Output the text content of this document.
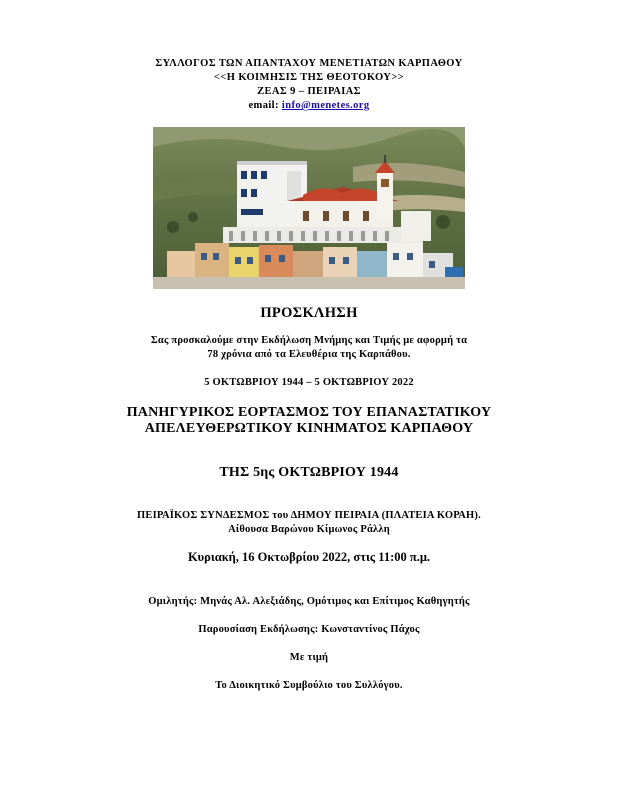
ΣΥΛΛΟΓΟΣ ΤΩΝ ΑΠΑΝΤΑΧΟΥ ΜΕΝΕΤΙΑΤΩΝ ΚΑΡΠΑΘΟΥ
<<Η ΚΟΙΜΗΣΙΣ ΤΗΣ ΘΕΟΤΟΚΟΥ>>
ΖΕΑΣ 9 – ΠΕΙΡΑΙΑΣ
email: info@menetes.org
ΠΡΟΣΚΛΗΣΗ
Σας προσκαλούμε στην Εκδήλωση Μνήμης και Τιμής με αφορμή τα
78 χρόνια από τα Ελευθέρια της Καρπάθου.
5 ΟΚΤΩΒΡΙΟΥ 1944 – 5 ΟΚΤΩΒΡΙΟΥ 2022
ΠΑΝΗΓΥΡΙΚΟΣ ΕΟΡΤΑΣΜΟΣ ΤΟΥ ΕΠΑΝΑΣΤΑΤΙΚΟΥ
ΑΠΕΛΕΥΘΕΡΩΤΙΚΟΥ ΚΙΝΗΜΑΤΟΣ ΚΑΡΠΑΘΟΥ
ΤΗΣ 5ης ΟΚΤΩΒΡΙΟΥ 1944
ΠΕΙΡΑΪΚΟΣ ΣΥΝΔΕΣΜΟΣ του ΔΗΜΟΥ ΠΕΙΡΑΙΑ (ΠΛΑΤΕΙΑ ΚΟΡΑΗ).
Αίθουσα Βαρώνου Κίμωνος Ράλλη
Κυριακή, 16 Οκτωβρίου 2022, στις 11:00 π.μ.
Ομιλητής: Μηνάς Αλ. Αλεξιάδης, Ομότιμος και Επίτιμος Καθηγητής
Παρουσίαση Εκδήλωσης: Κωνσταντίνος Πάχος
Με τιμή
Το Διοικητικό Συμβούλιο του Συλλόγου.
